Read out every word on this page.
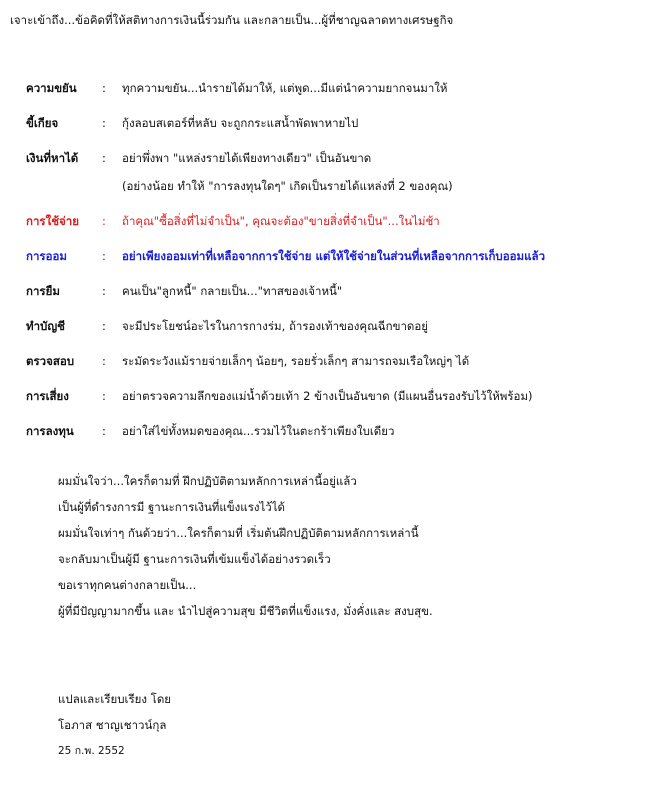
เจาะเข้าถึง...ข้อคิดที่ให้สติทางการเงินนี้ร่วมกัน และกลายเป็น...ผู้ที่ชาญฉลาดทางเศรษฐกิจ
ความขยัน	:	ทุกความขยัน...นำรายได้มาให้, แต่พูด...มีแต่นำความยากจนมาให้
ขี้เกียจ	:	กุ้งลอบสเตอร์ที่หลับ จะถูกกระแสน้ำพัดพาหายไป
เงินที่หาได้	:	อย่าพึ่งพา "แหล่งรายได้เพียงทางเดียว" เป็นอันขาด
(อย่างน้อย ทำให้ "การลงทุนใดๆ" เกิดเป็นรายได้แหล่งที่ 2 ของคุณ)
การใช้จ่าย	:	ถ้าคุณ"ซื้อสิ่งที่ไม่จำเป็น", คุณจะต้อง"ขายสิ่งที่จำเป็น"...ในไม่ช้า
การออม	:	อย่าเพียงออมเท่าที่เหลือจากการใช้จ่าย แต่ให้ใช้จ่ายในส่วนที่เหลือจากการเก็บออมแล้ว
การยืม	:	คนเป็น"ลูกหนี้" กลายเป็น..."ทาสของเจ้าหนี้"
ทำบัญชี	:	จะมีประโยชน์อะไรในการกางร่ม, ถ้ารองเท้าของคุณฉีกขาดอยู่
ตรวจสอบ	:	ระมัดระวังแม้รายจ่ายเล็กๆ น้อยๆ, รอยรั่วเล็กๆ สามารถจมเรือใหญ่ๆ ได้
การเสี่ยง	:	อย่าตรวจความลึกของแม่น้ำด้วยเท้า 2 ข้างเป็นอันขาด (มีแผนอื่นรองรับไว้ให้พร้อม)
การลงทุน	:	อย่าใส่ไข่ทั้งหมดของคุณ...รวมไว้ในตะกร้าเพียงใบเดียว
ผมมั่นใจว่า...ใครก็ตามที่ ฝึกปฏิบัติตามหลักการเหล่านี้อยู่แล้ว
เป็นผู้ที่ดำรงการมี ฐานะการเงินที่แข็งแรงไว้ได้
ผมมั่นใจเท่าๆ กันด้วยว่า...ใครก็ตามที่ เริ่มต้นฝึกปฏิบัติตามหลักการเหล่านี้
จะกลับมาเป็นผู้มี ฐานะการเงินที่เข้มแข็งได้อย่างรวดเร็ว
ขอเราทุกคนต่างกลายเป็น...
ผู้ที่มีปัญญามากขึ้น และ นำไปสู่ความสุข มีชีวิตที่แข็งแรง, มั่งคั่งและ สงบสุข.
แปลและเรียบเรียง โดย
โอภาส ชาญเชาวน์กุล
25 ก.พ. 2552
